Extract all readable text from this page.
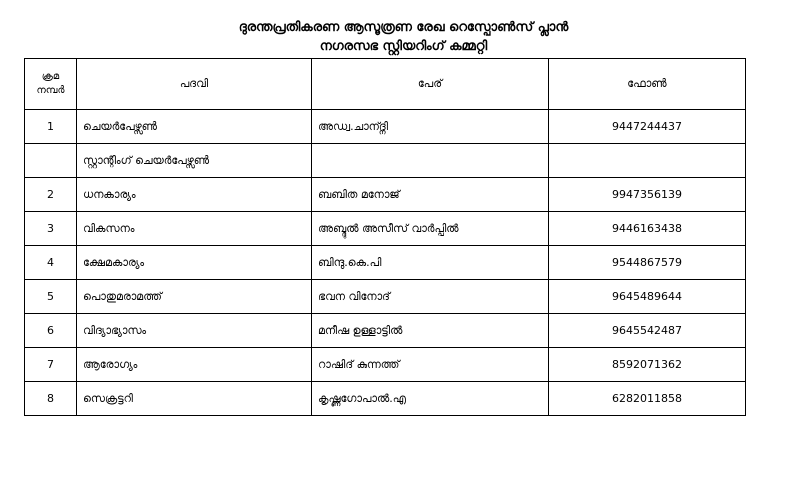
ദുരന്തപ്രതികരണ ആസൂത്രണ രേഖ റെസ്പോൺസ് പ്ലാൻ
നഗരസഭ സ്റ്റിയറിംഗ് കമ്മറ്റി
ക്രമ നമ്പർ	പദവി	പേര്	ഫോൺ
1	ചെയർപേഴ്സൺ	അഡ്വ.ചാന്ദ്നി	9447244437
	സ്റ്റാന്റിംഗ് ചെയർപേഴ്സൺ		
2	ധനകാര്യം	ബബിത മനോജ്	9947356139
3	വികസനം	അബ്ദുൽ അസീസ് വാർപ്പിൽ	9446163438
4	ക്ഷേമകാര്യം	ബിന്ദു.കെ.പി	9544867579
5	പൊതുമരാമത്ത്	ഭവന വിനോദ്	9645489644
6	വിദ്യാഭ്യാസം	മനീഷ ഉള്ളാട്ടിൽ	9645542487
7	ആരോഗ്യം	റാഷിദ് കുന്നത്ത്	8592071362
8	സെക്രട്ടറി	കൃഷ്ണഗോപാൽ.എ	6282011858
